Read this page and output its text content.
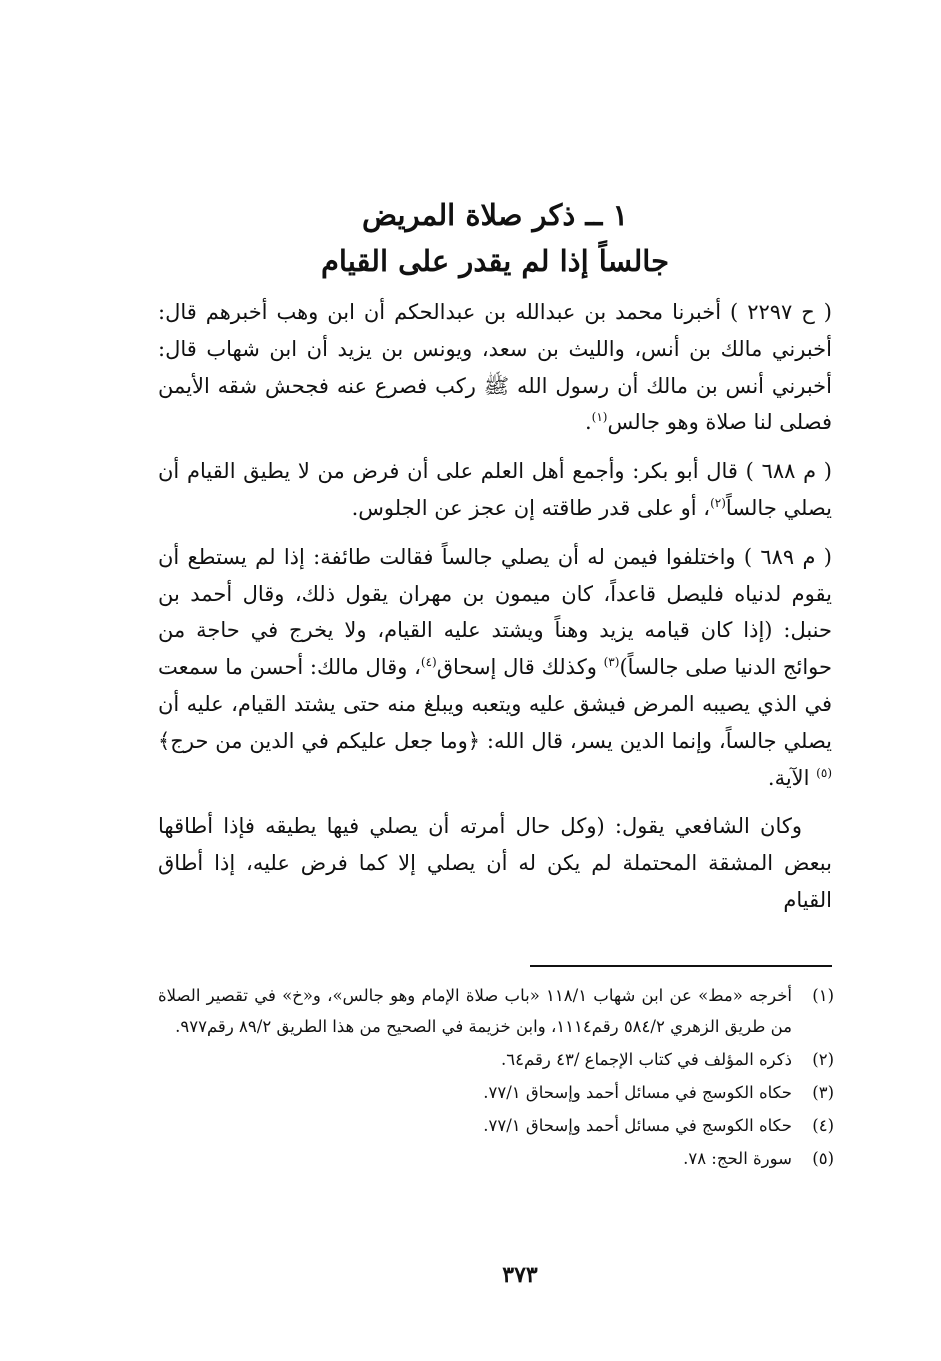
١ ــ ذكر صلاة المريض
جالساً إذا لم يقدر على القيام

( ح ٢٢٩٧ ) أخبرنا محمد بن عبدالله بن عبدالحكم أن ابن وهب أخبرهم قال: أخبرني مالك بن أنس، والليث بن سعد، ويونس بن يزيد أن ابن شهاب قال: أخبرني أنس بن مالك أن رسول الله ﷺ ركب فصرع عنه فجحش شقه الأيمن فصلى لنا صلاة وهو جالس$^{(١)}$.

( م ٦٨٨ ) قال أبو بكر: وأجمع أهل العلم على أن فرض من لا يطيق القيام أن يصلي جالساً$^{(٢)}$، أو على قدر طاقته إن عجز عن الجلوس.

( م ٦٨٩ ) واختلفوا فيمن له أن يصلي جالساً فقالت طائفة: إذا لم يستطع أن يقوم لدنياه فليصل قاعداً، كان ميمون بن مهران يقول ذلك، وقال أحمد بن حنبل: (إذا كان قيامه يزيد وهناً ويشتد عليه القيام، ولا يخرج في حاجة من حوائج الدنيا صلى جالساً)$^{(٣)}$ وكذلك قال إسحاق$^{(٤)}$، وقال مالك: أحسن ما سمعت في الذي يصيبه المرض فيشق عليه ويتعبه ويبلغ منه حتى يشتد القيام، عليه أن يصلي جالساً، وإنما الدين يسر، قال الله: ﴿وما جعل عليكم في الدين من حرج﴾$^{(٥)}$ الآية.

وكان الشافعي يقول: (وكل حال أمرته أن يصلي فيها يطيقه فإذا أطاقها ببعض المشقة المحتملة لم يكن له أن يصلي إلا كما فرض عليه، إذا أطاق القيام

(١)
أخرجه «مط» عن ابن شهاب ١١٨/١ «باب صلاة الإمام وهو جالس»، و«خ» في تقصير الصلاة من طريق الزهري ٥٨٤/٢ رقم١١١٤، وابن خزيمة في الصحيح من هذا الطريق ٨٩/٢ رقم٩٧٧.
(٢)
ذكره المؤلف في كتاب الإجماع /٤٣ رقم٦٤.
(٣)
حكاه الكوسج في مسائل أحمد وإسحاق ٧٧/١.
(٤)
حكاه الكوسج في مسائل أحمد وإسحاق ٧٧/١.
(٥)
سورة الحج: ٧٨.
٣٧٣
